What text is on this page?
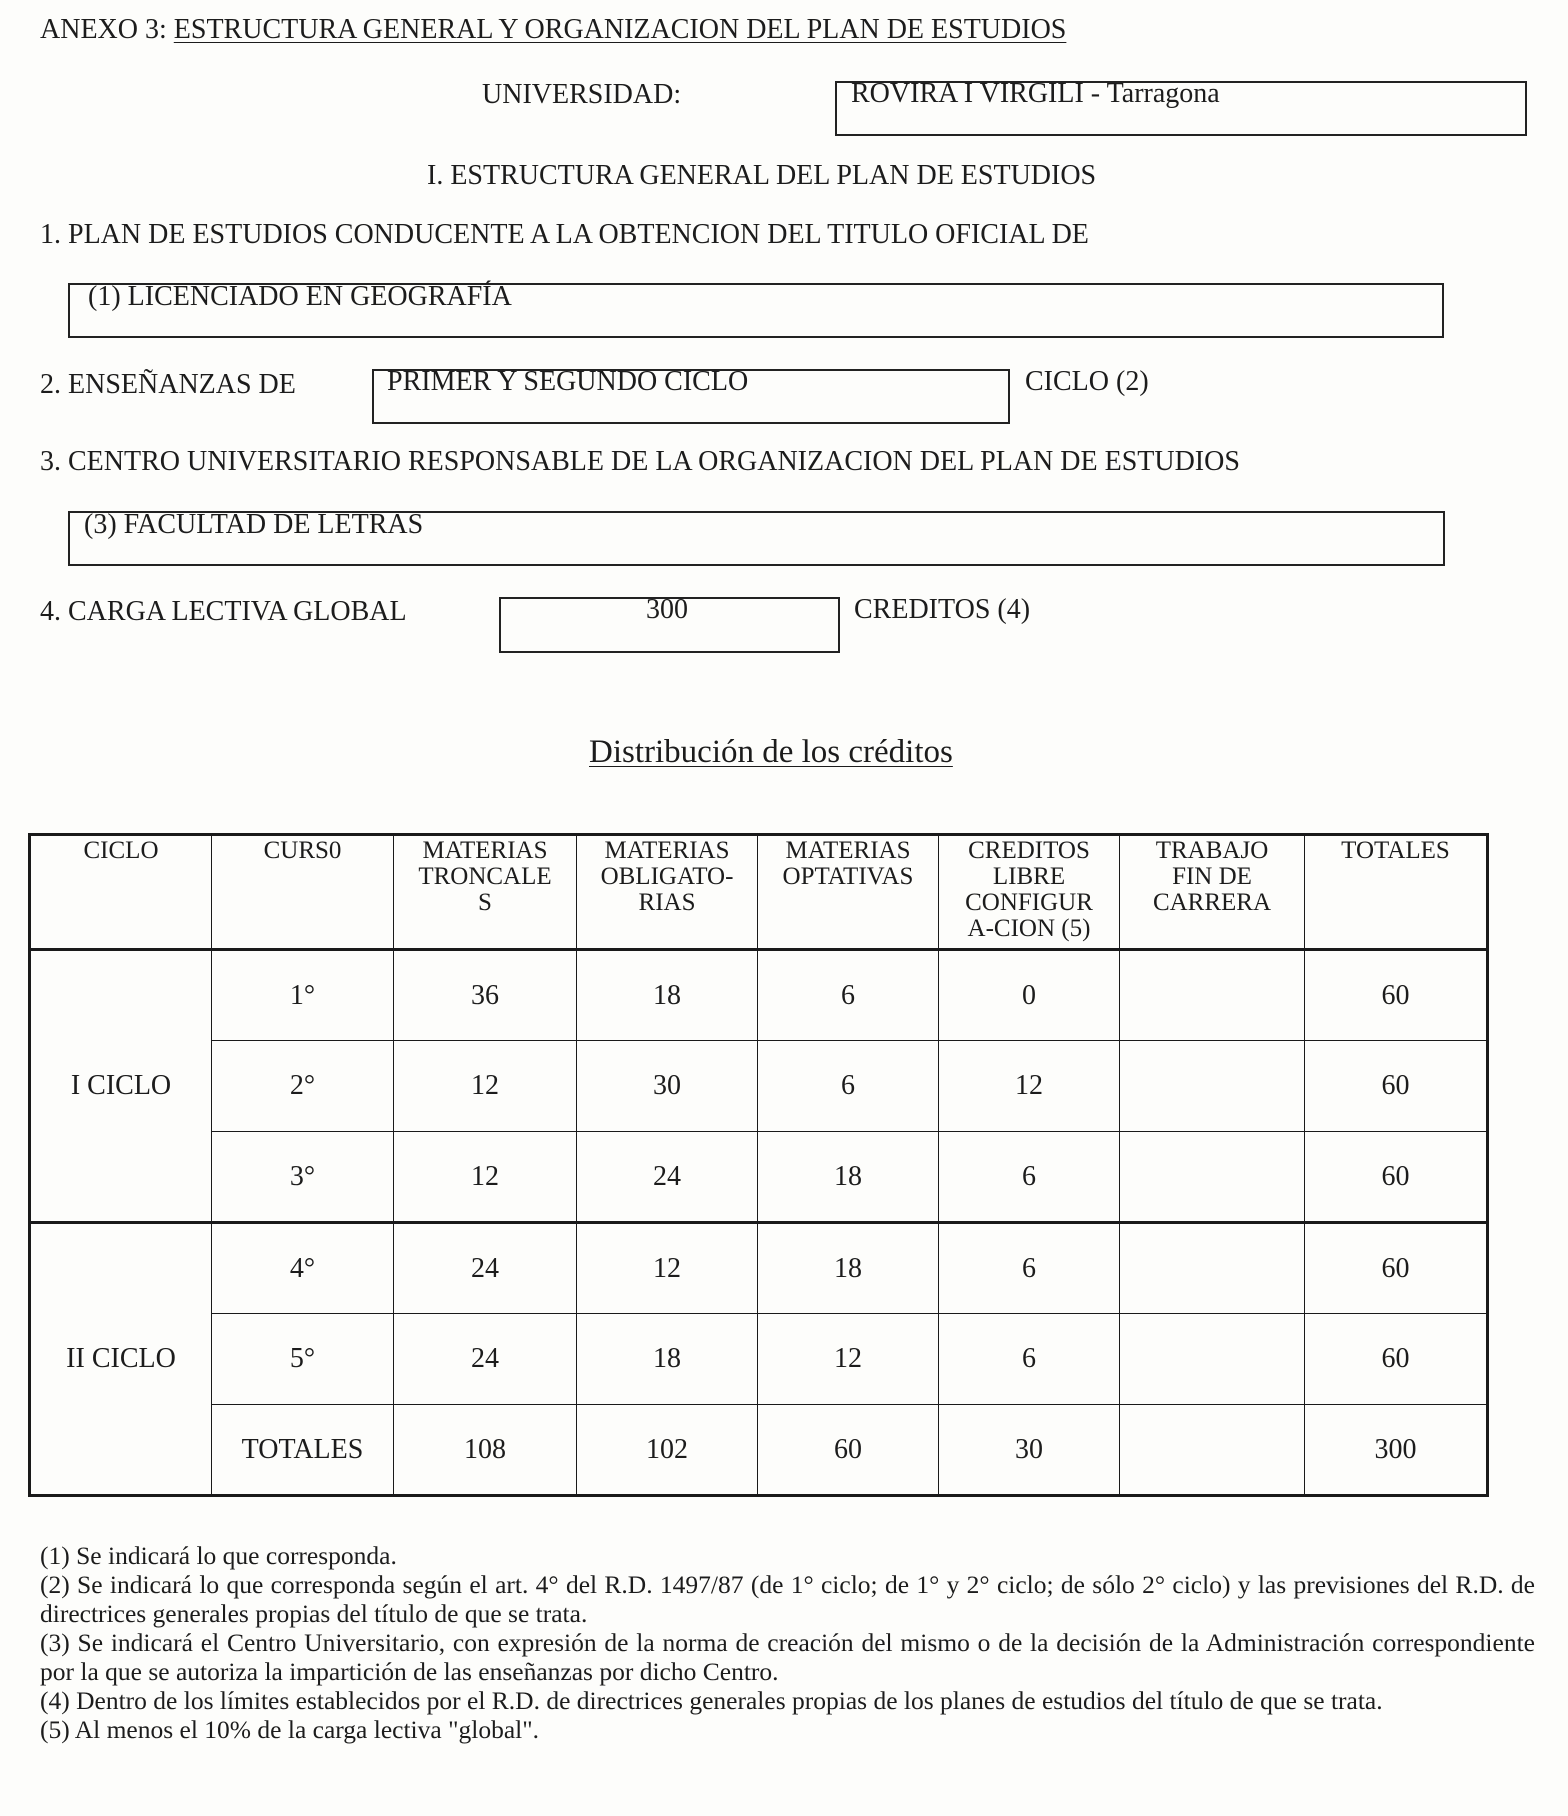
ANEXO 3: ESTRUCTURA GENERAL Y ORGANIZACION DEL PLAN DE ESTUDIOS
UNIVERSIDAD:	ROVIRA I VIRGILI - Tarragona
I. ESTRUCTURA GENERAL DEL PLAN DE ESTUDIOS
1. PLAN DE ESTUDIOS CONDUCENTE A LA OBTENCION DEL TITULO OFICIAL DE
(1) LICENCIADO EN GEOGRAFÍA
2. ENSEÑANZAS DE	PRIMER Y SEGUNDO CICLO	CICLO (2)
3. CENTRO UNIVERSITARIO RESPONSABLE DE LA ORGANIZACION DEL PLAN DE ESTUDIOS
(3) FACULTAD DE LETRAS
4. CARGA LECTIVA GLOBAL	300	CREDITOS (4)
Distribución de los créditos
CICLO	CURS0	MATERIAS
TRONCALE
S	MATERIAS
OBLIGATO-
RIAS	MATERIAS
OPTATIVAS	CREDITOS
LIBRE
CONFIGUR
A-CION (5)	TRABAJO
FIN DE
CARRERA	TOTALES

I CICLO	1°	36	18	6	0		60
	2°	12	30	6	12		60
	3°	12	24	18	6		60
II CICLO	4°	24	12	18	6		60
	5°	24	18	12	6		60
	TOTALES	108	102	60	30		300

(1) Se indicará lo que corresponda.

(2) Se indicará lo que corresponda según el art. 4° del R.D. 1497/87 (de 1° ciclo; de 1° y 2° ciclo; de sólo 2° ciclo) y las previsiones del R.D. de directrices generales propias del título de que se trata.

(3) Se indicará el Centro Universitario, con expresión de la norma de creación del mismo o de la decisión de la Administración correspondiente por la que se autoriza la impartición de las enseñanzas por dicho Centro.

(4) Dentro de los límites establecidos por el R.D. de directrices generales propias de los planes de estudios del título de que se trata.

(5) Al menos el 10% de la carga lectiva "global".
